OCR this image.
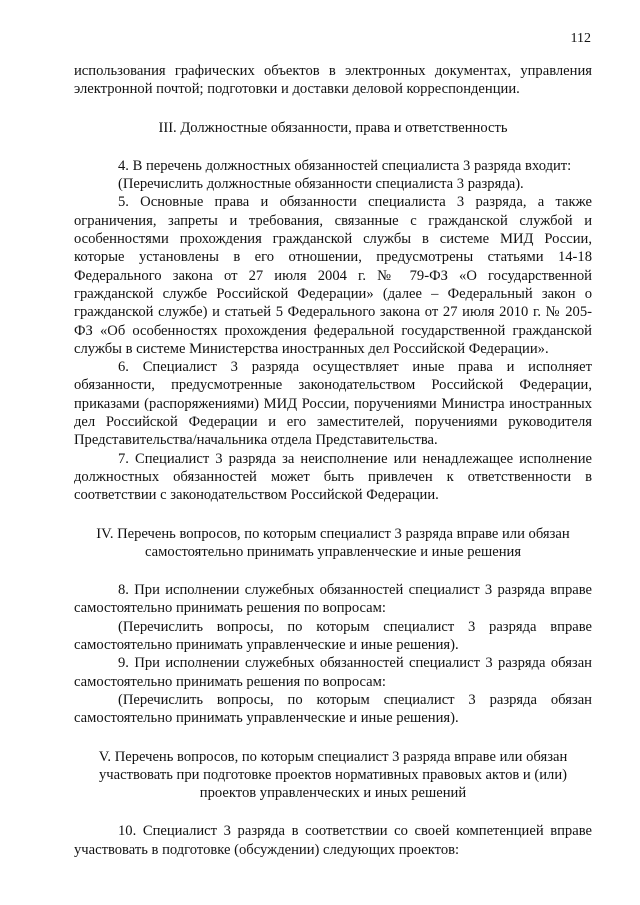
112

использования графических объектов в электронных документах, управления электронной почтой; подготовки и доставки деловой корреспонденции.

III. Должностные обязанности, права и ответственность

4. В перечень должностных обязанностей специалиста 3 разряда входит:

(Перечислить должностные обязанности специалиста 3 разряда).

5. Основные права и обязанности специалиста 3 разряда, а также ограничения, запреты и требования, связанные с гражданской службой и особенностями прохождения гражданской службы в системе МИД России, которые установлены в его отношении, предусмотрены статьями 14-18 Федерального закона от 27 июля 2004 г. № 79-ФЗ «О государственной гражданской службе Российской Федерации» (далее – Федеральный закон о гражданской службе) и статьей 5 Федерального закона от 27 июля 2010 г. № 205-ФЗ «Об особенностях прохождения федеральной государственной гражданской службы в системе Министерства иностранных дел Российской Федерации».

6. Специалист 3 разряда осуществляет иные права и исполняет обязанности, предусмотренные законодательством Российской Федерации, приказами (распоряжениями) МИД России, поручениями Министра иностранных дел Российской Федерации и его заместителей, поручениями руководителя Представительства/начальника отдела Представительства.

7. Специалист 3 разряда за неисполнение или ненадлежащее исполнение должностных обязанностей может быть привлечен к ответственности в соответствии с законодательством Российской Федерации.

IV. Перечень вопросов, по которым специалист 3 разряда вправе или обязан

самостоятельно принимать управленческие и иные решения

8. При исполнении служебных обязанностей специалист 3 разряда вправе самостоятельно принимать решения по вопросам:

(Перечислить вопросы, по которым специалист 3 разряда вправе самостоятельно принимать управленческие и иные решения).

9. При исполнении служебных обязанностей специалист 3 разряда обязан самостоятельно принимать решения по вопросам:

(Перечислить вопросы, по которым специалист 3 разряда обязан самостоятельно принимать управленческие и иные решения).

V. Перечень вопросов, по которым специалист 3 разряда вправе или обязан

участвовать при подготовке проектов нормативных правовых актов и (или)

проектов управленческих и иных решений

10. Специалист 3 разряда в соответствии со своей компетенцией вправе участвовать в подготовке (обсуждении) следующих проектов:
